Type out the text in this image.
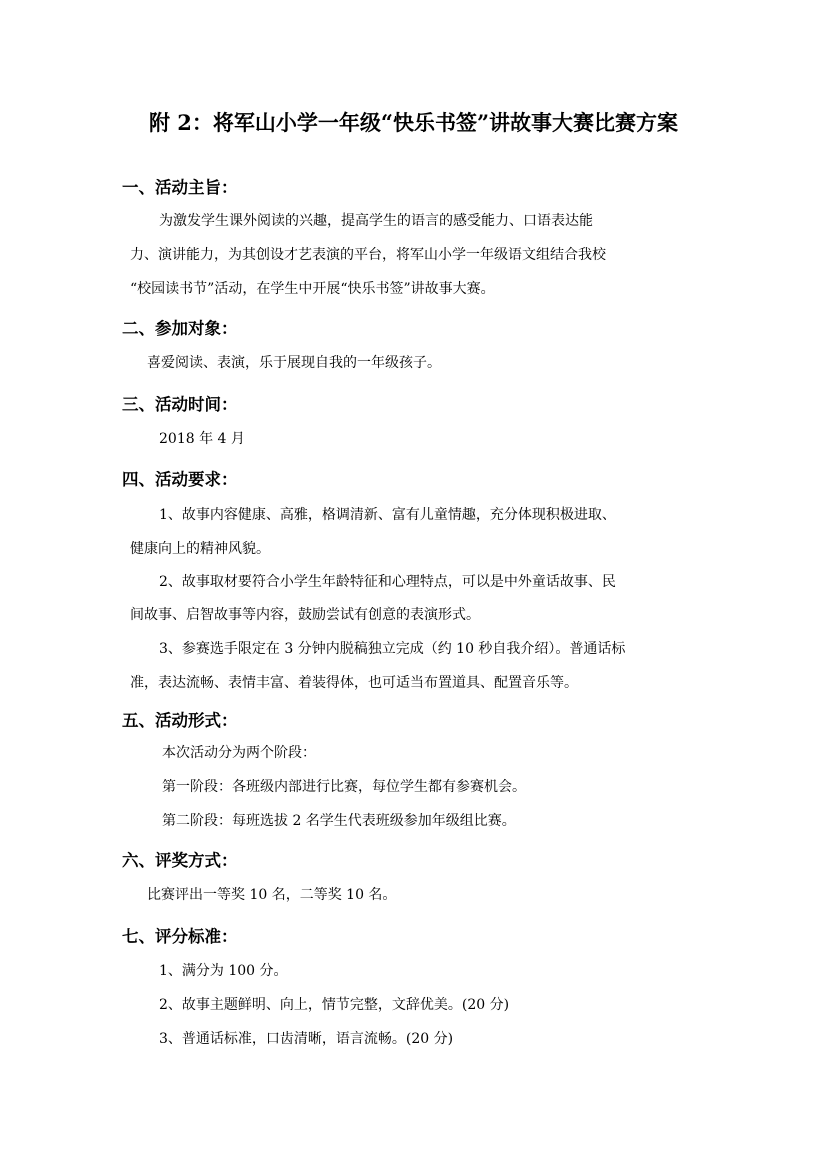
附 2：将军山小学一年级“快乐书签”讲故事大赛比赛方案
一、活动主旨：
为激发学生课外阅读的兴趣，提高学生的语言的感受能力、口语表达能
力、演讲能力，为其创设才艺表演的平台，将军山小学一年级语文组结合我校
“校园读书节”活动，在学生中开展“快乐书签”讲故事大赛。
二、参加对象：
喜爱阅读、表演，乐于展现自我的一年级孩子。
三、活动时间：
2018 年 4 月
四、活动要求：
1、故事内容健康、高雅，格调清新、富有儿童情趣，充分体现积极进取、
健康向上的精神风貌。
2、故事取材要符合小学生年龄特征和心理特点，可以是中外童话故事、民
间故事、启智故事等内容，鼓励尝试有创意的表演形式。
3、参赛选手限定在 3 分钟内脱稿独立完成（约 10 秒自我介绍）。普通话标
准，表达流畅、表情丰富、着装得体，也可适当布置道具、配置音乐等。
五、活动形式：
本次活动分为两个阶段：
第一阶段：各班级内部进行比赛，每位学生都有参赛机会。
第二阶段：每班选拔 2 名学生代表班级参加年级组比赛。
六、评奖方式：
比赛评出一等奖 10 名，二等奖 10 名。
七、评分标准：
1、满分为 100 分。
2、故事主题鲜明、向上，情节完整，文辞优美。(20 分)
3、普通话标准，口齿清晰，语言流畅。(20 分)
